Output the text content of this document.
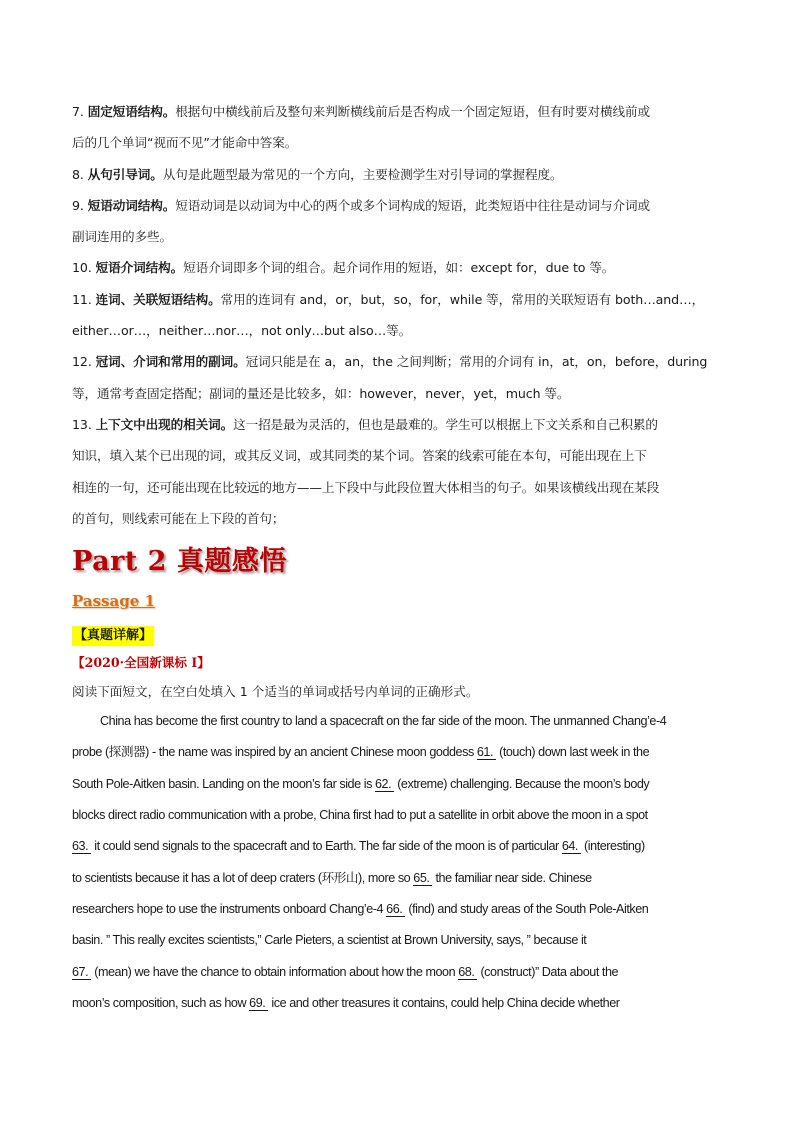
7. 固定短语结构。根据句中横线前后及整句来判断横线前后是否构成一个固定短语，但有时要对横线前或

后的几个单词“视而不见”才能命中答案。

8. 从句引导词。从句是此题型最为常见的一个方向，主要检测学生对引导词的掌握程度。

9. 短语动词结构。短语动词是以动词为中心的两个或多个词构成的短语，此类短语中往往是动词与介词或

副词连用的多些。

10. 短语介词结构。短语介词即多个词的组合。起介词作用的短语，如：except for，due to 等。

11. 连词、关联短语结构。常用的连词有 and，or，but，so，for，while 等，常用的关联短语有 both…and…，

either…or…，neither…nor…，not only…but also…等。

12. 冠词、介词和常用的副词。冠词只能是在 a，an，the 之间判断；常用的介词有 in，at，on，before，during

等，通常考查固定搭配；副词的量还是比较多，如：however，never，yet，much 等。

13. 上下文中出现的相关词。这一招是最为灵活的，但也是最难的。学生可以根据上下文关系和自己积累的

知识，填入某个已出现的词，或其反义词，或其同类的某个词。答案的线索可能在本句，可能出现在上下

相连的一句，还可能出现在比较远的地方——上下段中与此段位置大体相当的句子。如果该横线出现在某段

的首句，则线索可能在上下段的首句；

Part 2 真题感悟
Passage 1
【真题详解】
【2020·全国新课标 I】
阅读下面短文，在空白处填入 1 个适当的单词或括号内单词的正确形式。

China has become the first country to land a spacecraft on the far side of the moon. The unmanned Chang’e-4

probe (探测器) - the name was inspired by an ancient Chinese moon goddess 61. (touch) down last week in the

South Pole-Aitken basin. Landing on the moon’s far side is 62. (extreme) challenging. Because the moon’s body

blocks direct radio communication with a probe, China first had to put a satellite in orbit above the moon in a spot

63. it could send signals to the spacecraft and to Earth. The far side of the moon is of particular 64. (interesting)

to scientists because it has a lot of deep craters (环形山), more so 65. the familiar near side. Chinese

researchers hope to use the instruments onboard Chang’e-4 66. (find) and study areas of the South Pole-Aitken

basin. ” This really excites scientists,” Carle Pieters, a scientist at Brown University, says, ” because it

67. (mean) we have the chance to obtain information about how the moon 68. (construct)” Data about the

moon’s composition, such as how 69. ice and other treasures it contains, could help China decide whether
